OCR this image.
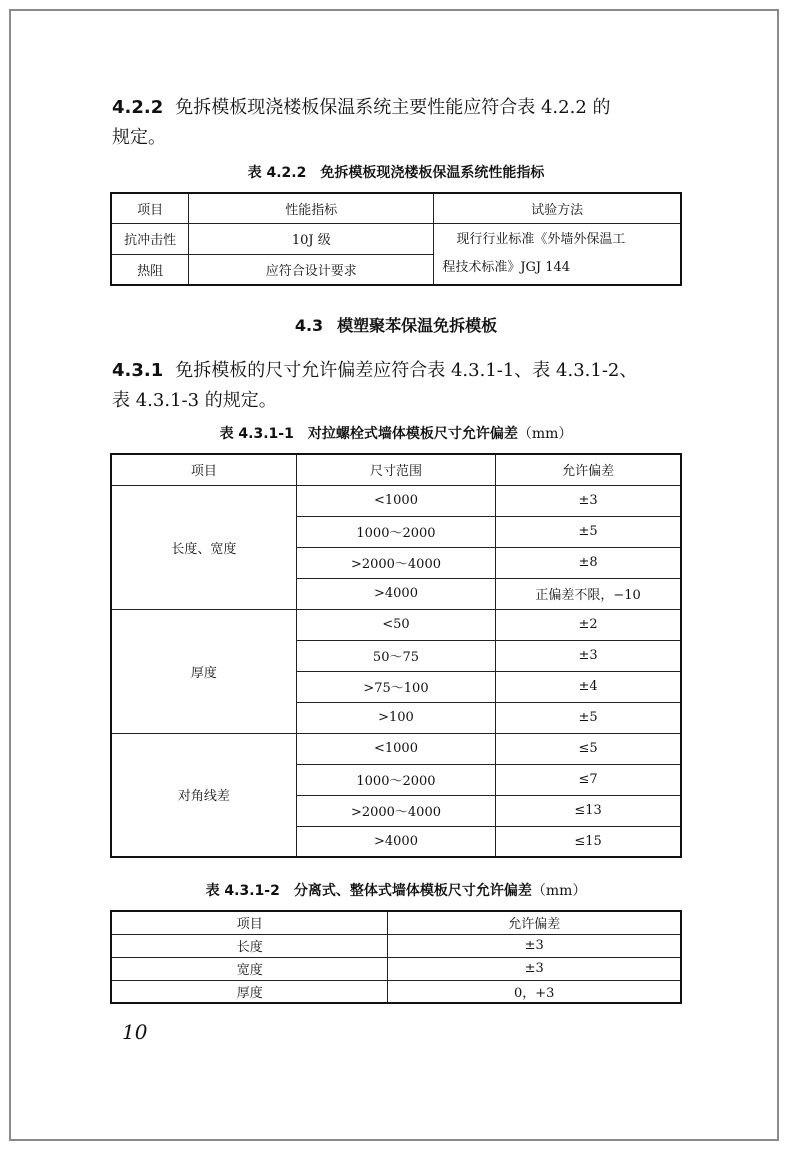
4.2.2 免拆模板现浇楼板保温系统主要性能应符合表 4.2.2 的
规定。
表 4.2.2 免拆模板现浇楼板保温系统性能指标
项目	性能指标	试验方法
抗冲击性	10J 级	现行行业标准《外墙外保温工
程技术标准》JGJ 144

热阻	应符合设计要求	
4.3 模塑聚苯保温免拆模板
4.3.1 免拆模板的尺寸允许偏差应符合表 4.3.1-1、表 4.3.1-2、
表 4.3.1-3 的规定。
表 4.3.1-1 对拉螺栓式墙体模板尺寸允许偏差（mm）
项目	尺寸范围	允许偏差
长度、宽度	<1000	±3
	1000～2000	±5
	>2000～4000	±8
	>4000	正偏差不限，−10
厚度	<50	±2
	50～75	±3
	>75～100	±4
	>100	±5
对角线差	<1000	≤5
	1000～2000	≤7
	>2000～4000	≤13
	>4000	≤15
表 4.3.1-2 分离式、整体式墙体模板尺寸允许偏差（mm）
项目	允许偏差
长度	±3
宽度	±3
厚度	0，+3
10
